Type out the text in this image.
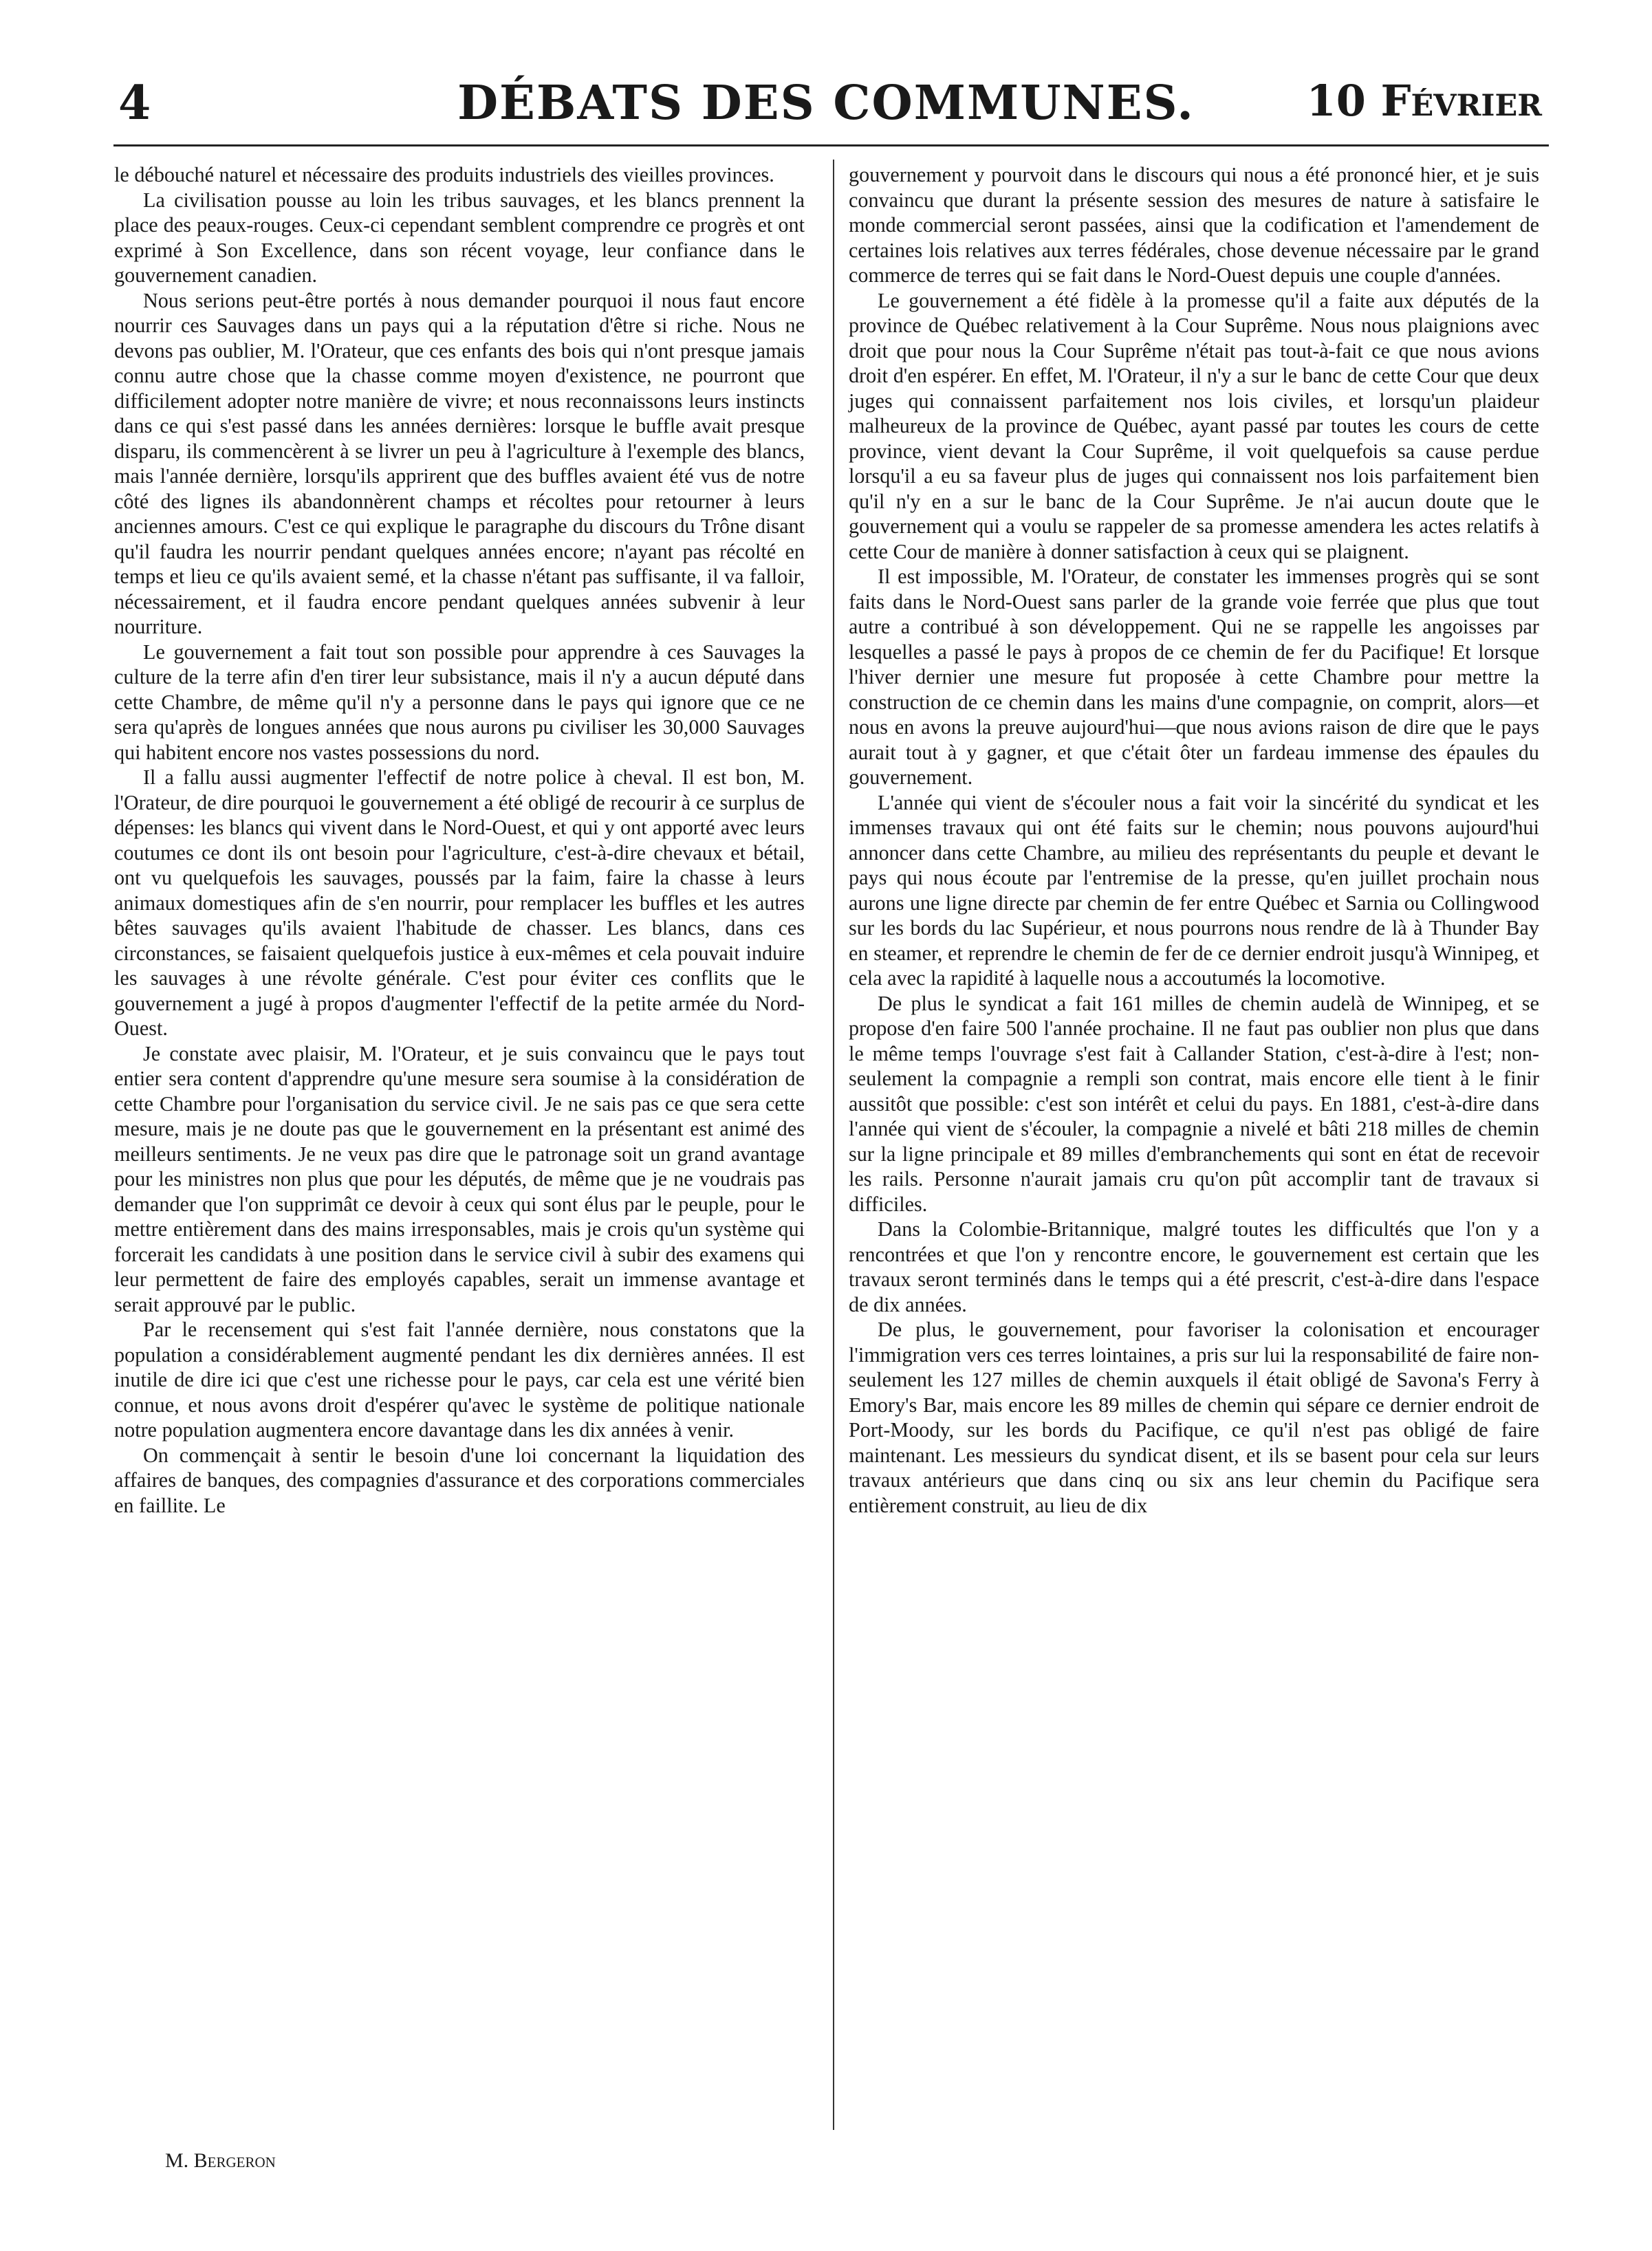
4	DÉBATS DES COMMUNES.	10 Février

le débouché naturel et nécessaire des produits industriels des vieilles provinces.

La civilisation pousse au loin les tribus sauvages, et les blancs prennent la place des peaux-rouges. Ceux-ci cependant semblent comprendre ce progrès et ont exprimé à Son Excellence, dans son récent voyage, leur confiance dans le gouvernement canadien.

Nous serions peut-être portés à nous demander pourquoi il nous faut encore nourrir ces Sauvages dans un pays qui a la réputation d'être si riche. Nous ne devons pas oublier, M. l'Orateur, que ces enfants des bois qui n'ont presque jamais connu autre chose que la chasse comme moyen d'existence, ne pourront que difficilement adopter notre manière de vivre; et nous reconnaissons leurs instincts dans ce qui s'est passé dans les années dernières: lorsque le buffle avait presque disparu, ils commencèrent à se livrer un peu à l'agriculture à l'exemple des blancs, mais l'année dernière, lorsqu'ils apprirent que des buffles avaient été vus de notre côté des lignes ils abandonnèrent champs et récoltes pour retourner à leurs anciennes amours. C'est ce qui explique le paragraphe du discours du Trône disant qu'il faudra les nourrir pendant quelques années encore; n'ayant pas récolté en temps et lieu ce qu'ils avaient semé, et la chasse n'étant pas suffisante, il va falloir, nécessairement, et il faudra encore pendant quelques années subvenir à leur nourriture.

Le gouvernement a fait tout son possible pour apprendre à ces Sauvages la culture de la terre afin d'en tirer leur subsistance, mais il n'y a aucun député dans cette Chambre, de même qu'il n'y a personne dans le pays qui ignore que ce ne sera qu'après de longues années que nous aurons pu civiliser les 30,000 Sauvages qui habitent encore nos vastes possessions du nord.

Il a fallu aussi augmenter l'effectif de notre police à cheval. Il est bon, M. l'Orateur, de dire pourquoi le gouvernement a été obligé de recourir à ce surplus de dépenses: les blancs qui vivent dans le Nord-Ouest, et qui y ont apporté avec leurs coutumes ce dont ils ont besoin pour l'agriculture, c'est-à-dire chevaux et bétail, ont vu quelquefois les sauvages, poussés par la faim, faire la chasse à leurs animaux domestiques afin de s'en nourrir, pour remplacer les buffles et les autres bêtes sauvages qu'ils avaient l'habitude de chasser. Les blancs, dans ces circonstances, se faisaient quelquefois justice à eux-mêmes et cela pouvait induire les sauvages à une révolte générale. C'est pour éviter ces conflits que le gouvernement a jugé à propos d'augmenter l'effectif de la petite armée du Nord-Ouest.

Je constate avec plaisir, M. l'Orateur, et je suis convaincu que le pays tout entier sera content d'apprendre qu'une mesure sera soumise à la considération de cette Chambre pour l'organisation du service civil. Je ne sais pas ce que sera cette mesure, mais je ne doute pas que le gouvernement en la présentant est animé des meilleurs sentiments. Je ne veux pas dire que le patronage soit un grand avantage pour les ministres non plus que pour les députés, de même que je ne voudrais pas demander que l'on supprimât ce devoir à ceux qui sont élus par le peuple, pour le mettre entièrement dans des mains irresponsables, mais je crois qu'un système qui forcerait les candidats à une position dans le service civil à subir des examens qui leur permettent de faire des employés capables, serait un immense avantage et serait approuvé par le public.

Par le recensement qui s'est fait l'année dernière, nous constatons que la population a considérablement augmenté pendant les dix dernières années. Il est inutile de dire ici que c'est une richesse pour le pays, car cela est une vérité bien connue, et nous avons droit d'espérer qu'avec le système de politique nationale notre population augmentera encore davantage dans les dix années à venir.

On commençait à sentir le besoin d'une loi concernant la liquidation des affaires de banques, des compagnies d'assurance et des corporations commerciales en faillite. Le

gouvernement y pourvoit dans le discours qui nous a été prononcé hier, et je suis convaincu que durant la présente session des mesures de nature à satisfaire le monde commercial seront passées, ainsi que la codification et l'amendement de certaines lois relatives aux terres fédérales, chose devenue nécessaire par le grand commerce de terres qui se fait dans le Nord-Ouest depuis une couple d'années.

Le gouvernement a été fidèle à la promesse qu'il a faite aux députés de la province de Québec relativement à la Cour Suprême. Nous nous plaignions avec droit que pour nous la Cour Suprême n'était pas tout-à-fait ce que nous avions droit d'en espérer. En effet, M. l'Orateur, il n'y a sur le banc de cette Cour que deux juges qui connaissent parfaitement nos lois civiles, et lorsqu'un plaideur malheureux de la province de Québec, ayant passé par toutes les cours de cette province, vient devant la Cour Suprême, il voit quelquefois sa cause perdue lorsqu'il a eu sa faveur plus de juges qui connaissent nos lois parfaitement bien qu'il n'y en a sur le banc de la Cour Suprême. Je n'ai aucun doute que le gouvernement qui a voulu se rappeler de sa promesse amendera les actes relatifs à cette Cour de manière à donner satisfaction à ceux qui se plaignent.

Il est impossible, M. l'Orateur, de constater les immenses progrès qui se sont faits dans le Nord-Ouest sans parler de la grande voie ferrée que plus que tout autre a contribué à son développement. Qui ne se rappelle les angoisses par lesquelles a passé le pays à propos de ce chemin de fer du Pacifique! Et lorsque l'hiver dernier une mesure fut proposée à cette Chambre pour mettre la construction de ce chemin dans les mains d'une compagnie, on comprit, alors—et nous en avons la preuve aujourd'hui—que nous avions raison de dire que le pays aurait tout à y gagner, et que c'était ôter un fardeau immense des épaules du gouvernement.

L'année qui vient de s'écouler nous a fait voir la sincérité du syndicat et les immenses travaux qui ont été faits sur le chemin; nous pouvons aujourd'hui annoncer dans cette Chambre, au milieu des représentants du peuple et devant le pays qui nous écoute par l'entremise de la presse, qu'en juillet prochain nous aurons une ligne directe par chemin de fer entre Québec et Sarnia ou Collingwood sur les bords du lac Supérieur, et nous pourrons nous rendre de là à Thunder Bay en steamer, et reprendre le chemin de fer de ce dernier endroit jusqu'à Winnipeg, et cela avec la rapidité à laquelle nous a accoutumés la locomotive.

De plus le syndicat a fait 161 milles de chemin audelà de Winnipeg, et se propose d'en faire 500 l'année prochaine. Il ne faut pas oublier non plus que dans le même temps l'ouvrage s'est fait à Callander Station, c'est-à-dire à l'est; non-seulement la compagnie a rempli son contrat, mais encore elle tient à le finir aussitôt que possible: c'est son intérêt et celui du pays. En 1881, c'est-à-dire dans l'année qui vient de s'écouler, la compagnie a nivelé et bâti 218 milles de chemin sur la ligne principale et 89 milles d'embranchements qui sont en état de recevoir les rails. Personne n'aurait jamais cru qu'on pût accomplir tant de travaux si difficiles.

Dans la Colombie-Britannique, malgré toutes les difficultés que l'on y a rencontrées et que l'on y rencontre encore, le gouvernement est certain que les travaux seront terminés dans le temps qui a été prescrit, c'est-à-dire dans l'espace de dix années.

De plus, le gouvernement, pour favoriser la colonisation et encourager l'immigration vers ces terres lointaines, a pris sur lui la responsabilité de faire non-seulement les 127 milles de chemin auxquels il était obligé de Savona's Ferry à Emory's Bar, mais encore les 89 milles de chemin qui sépare ce dernier endroit de Port-Moody, sur les bords du Pacifique, ce qu'il n'est pas obligé de faire maintenant. Les messieurs du syndicat disent, et ils se basent pour cela sur leurs travaux antérieurs que dans cinq ou six ans leur chemin du Pacifique sera entièrement construit, au lieu de dix

M. Bergeron
